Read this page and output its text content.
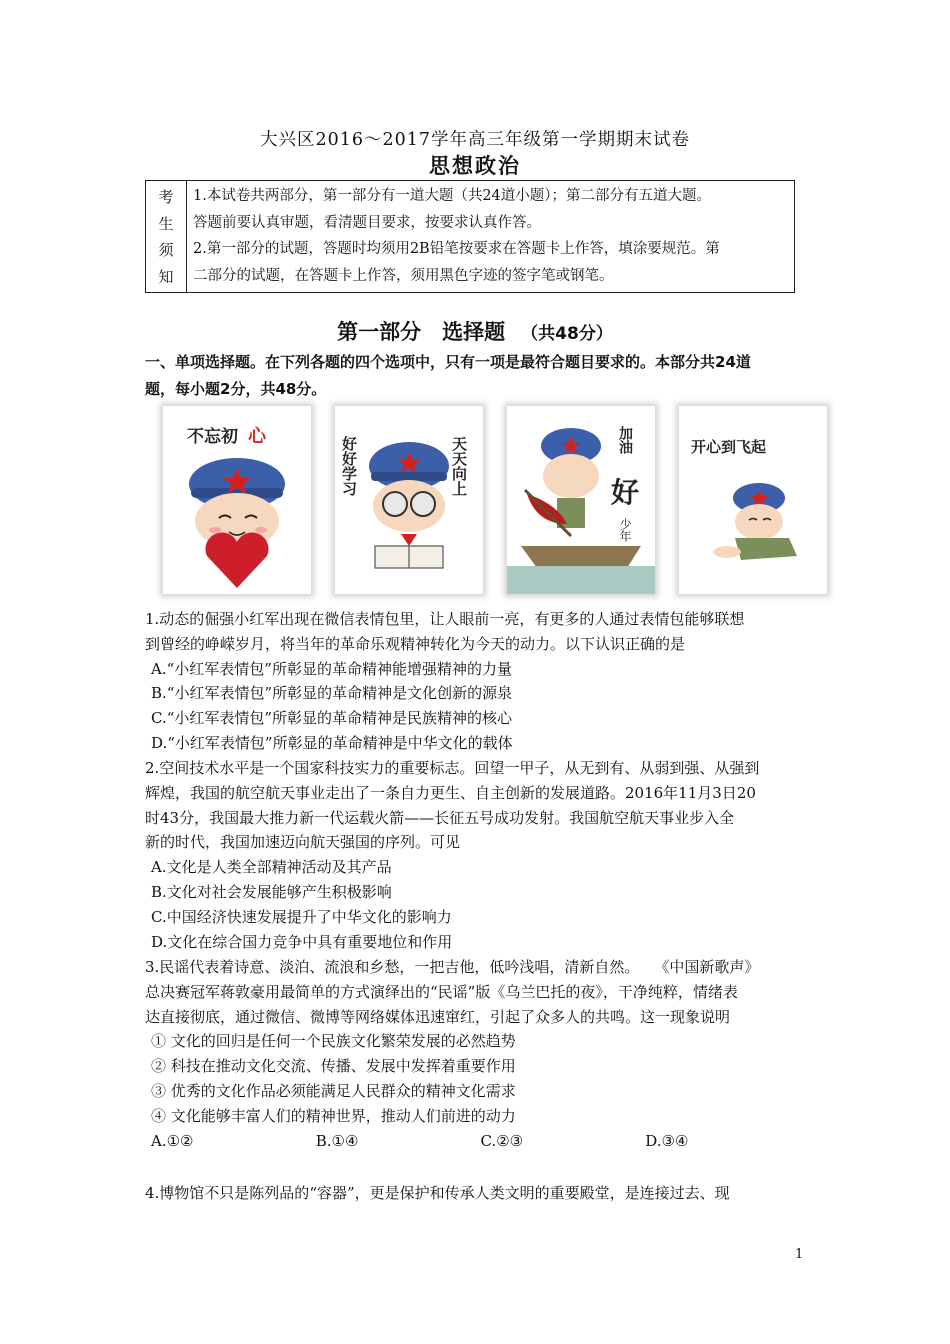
大兴区2016～2017学年高三年级第一学期期末试卷
思想政治
考
生
须
知
1.本试卷共两部分，第一部分有一道大题（共24道小题）；第二部分有五道大题。
答题前要认真审题，看清题目要求，按要求认真作答。
2.第一部分的试题，答题时均须用2B铅笔按要求在答题卡上作答，填涂要规范。第
二部分的试题，在答题卡上作答，须用黑色字迹的签字笔或钢笔。
第一部分　选择题 （共48分）
一、单项选择题。在下列各题的四个选项中，只有一项是最符合题目要求的。本部分共24道
题，每小题2分，共48分。
不忘初 心	好好学习	天天向上	加油
好
少年
开心到飞起
1.动态的倔强小红军出现在微信表情包里，让人眼前一亮，有更多的人通过表情包能够联想
到曾经的峥嵘岁月，将当年的革命乐观精神转化为今天的动力。以下认识正确的是
A.“小红军表情包”所彰显的革命精神能增强精神的力量
B.“小红军表情包”所彰显的革命精神是文化创新的源泉
C.“小红军表情包”所彰显的革命精神是民族精神的核心
D.“小红军表情包”所彰显的革命精神是中华文化的载体
2.空间技术水平是一个国家科技实力的重要标志。回望一甲子，从无到有、从弱到强、从强到
辉煌，我国的航空航天事业走出了一条自力更生、自主创新的发展道路。2016年11月3日20
时43分，我国最大推力新一代运载火箭——长征五号成功发射。我国航空航天事业步入全
新的时代，我国加速迈向航天强国的序列。可见
A.文化是人类全部精神活动及其产品
B.文化对社会发展能够产生积极影响
C.中国经济快速发展提升了中华文化的影响力
D.文化在综合国力竞争中具有重要地位和作用
3.民谣代表着诗意、淡泊、流浪和乡愁，一把吉他，低吟浅唱，清新自然。　　《中国新歌声》
总决赛冠军蒋敦豪用最简单的方式演绎出的“民谣”版《乌兰巴托的夜》，干净纯粹，情绪表
达直接彻底，通过微信、微博等网络媒体迅速窜红，引起了众多人的共鸣。这一现象说明
① 文化的回归是任何一个民族文化繁荣发展的必然趋势
② 科技在推动文化交流、传播、发展中发挥着重要作用
③ 优秀的文化作品必须能满足人民群众的精神文化需求
④ 文化能够丰富人们的精神世界，推动人们前进的动力
A.①②	B.①④	C.②③	D.③④
4.博物馆不只是陈列品的“容器”，更是保护和传承人类文明的重要殿堂，是连接过去、现
1
